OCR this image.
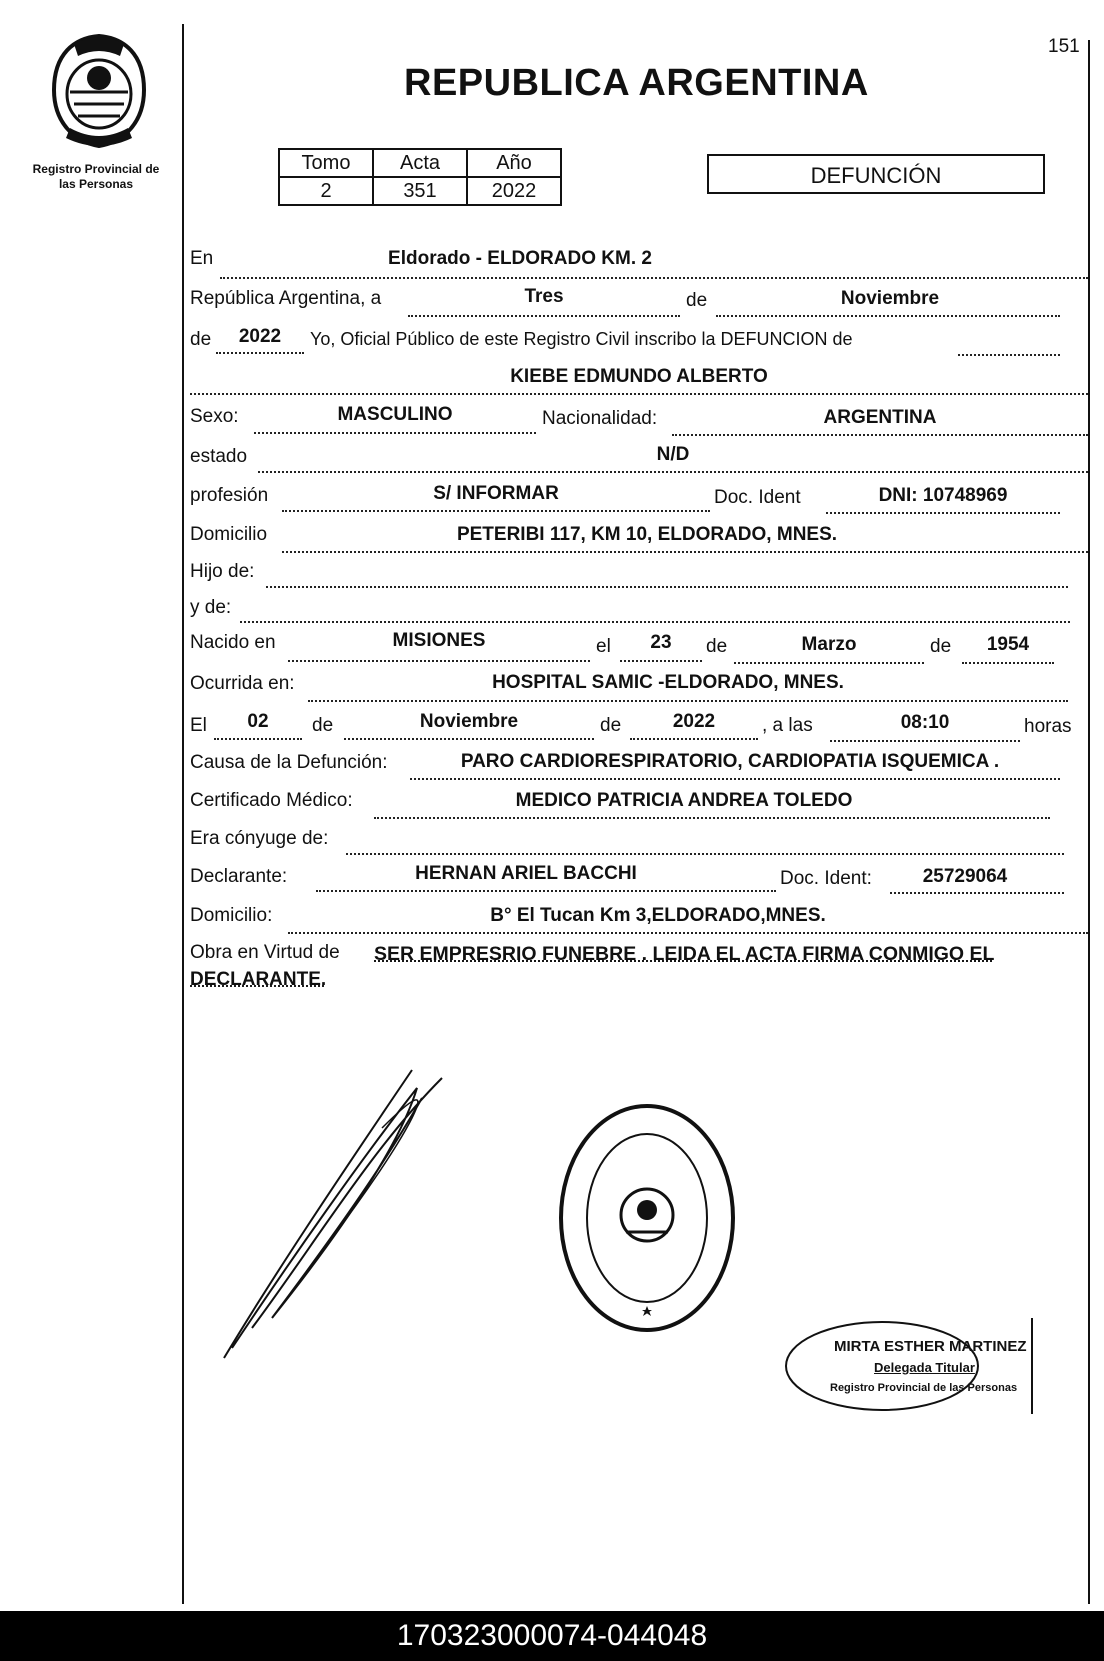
151
REPUBLICA ARGENTINA
Registro Provincial de
las Personas
Tomo	Acta	Año
2	351	2022
DEFUNCIÓN
En	Eldorado - ELDORADO KM. 2
República Argentina, a	Tres	de	Noviembre
de	2022	Yo, Oficial Público de este Registro Civil inscribo la DEFUNCION de
KIEBE EDMUNDO ALBERTO
Sexo:	MASCULINO	Nacionalidad:	ARGENTINA
estado	N/D
profesión	S/ INFORMAR	Doc. Ident	DNI: 10748969
Domicilio	PETERIBI 117, KM 10, ELDORADO, MNES.
Hijo de:
y de:
Nacido en	MISIONES	el	23	de	Marzo	de	1954
Ocurrida en:	HOSPITAL SAMIC -ELDORADO, MNES.
El	02	de	Noviembre	de	2022	, a las	08:10	horas
Causa de la Defunción:	PARO CARDIORESPIRATORIO, CARDIOPATIA ISQUEMICA .
Certificado Médico:	MEDICO PATRICIA ANDREA TOLEDO
Era cónyuge de:
Declarante:	HERNAN ARIEL BACCHI	Doc. Ident:	25729064
Domicilio:	B° El Tucan Km 3,ELDORADO,MNES.
Obra en Virtud de SER EMPRESRIO FUNEBRE . LEIDA EL ACTA FIRMA CONMIGO EL
DECLARANTE.
MIRTA ESTHER MARTINEZ
Delegada Titular
Registro Provincial de las Personas
170323000074-044048
